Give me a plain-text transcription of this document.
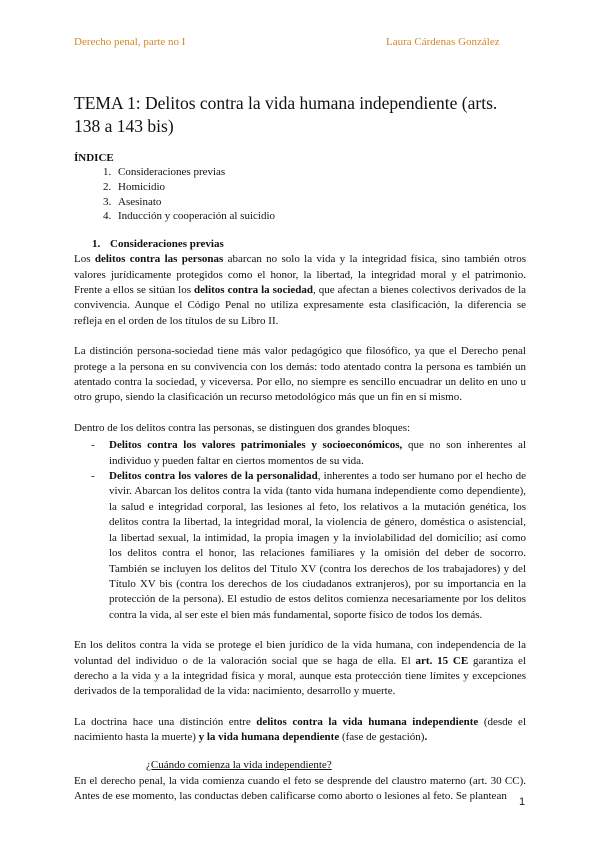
Derecho penal, parte no I	Laura Cárdenas González
TEMA 1: Delitos contra la vida humana independiente (arts. 138 a 143 bis)
ÍNDICE
1. Consideraciones previas
2. Homicidio
3. Asesinato
4. Inducción y cooperación al suicidio
1. Consideraciones previas

Los delitos contra las personas abarcan no solo la vida y la integridad física, sino también otros valores jurídicamente protegidos como el honor, la libertad, la integridad moral y el patrimonio. Frente a ellos se sitúan los delitos contra la sociedad, que afectan a bienes colectivos derivados de la convivencia. Aunque el Código Penal no utiliza expresamente esta clasificación, la diferencia se refleja en el orden de los títulos de su Libro II.

La distinción persona-sociedad tiene más valor pedagógico que filosófico, ya que el Derecho penal protege a la persona en su convivencia con los demás: todo atentado contra la persona es también un atentado contra la sociedad, y viceversa. Por ello, no siempre es sencillo encuadrar un delito en uno u otro grupo, siendo la clasificación un recurso metodológico más que un fin en sí mismo.

Dentro de los delitos contra las personas, se distinguen dos grandes bloques:

- Delitos contra los valores patrimoniales y socioeconómicos, que no son inherentes al individuo y pueden faltar en ciertos momentos de su vida.
- Delitos contra los valores de la personalidad, inherentes a todo ser humano por el hecho de vivir. Abarcan los delitos contra la vida (tanto vida humana independiente como dependiente), la salud e integridad corporal, las lesiones al feto, los relativos a la mutación genética, los delitos contra la libertad, la integridad moral, la violencia de género, doméstica o asistencial, la libertad sexual, la intimidad, la propia imagen y la inviolabilidad del domicilio; así como los delitos contra el honor, las relaciones familiares y la omisión del deber de socorro. También se incluyen los delitos del Título XV (contra los derechos de los trabajadores) y del Título XV bis (contra los derechos de los ciudadanos extranjeros), por su importancia en la protección de la persona). El estudio de estos delitos comienza necesariamente por los delitos contra la vida, al ser este el bien más fundamental, soporte físico de todos los demás.

En los delitos contra la vida se protege el bien jurídico de la vida humana, con independencia de la voluntad del individuo o de la valoración social que se haga de ella. El art. 15 CE garantiza el derecho a la vida y a la integridad física y moral, aunque esta protección tiene límites y excepciones derivados de la temporalidad de la vida: nacimiento, desarrollo y muerte.

La doctrina hace una distinción entre delitos contra la vida humana independiente (desde el nacimiento hasta la muerte) y la vida humana dependiente (fase de gestación).

¿Cuándo comienza la vida independiente?

En el derecho penal, la vida comienza cuando el feto se desprende del claustro materno (art. 30 CC). Antes de ese momento, las conductas deben calificarse como aborto o lesiones al feto. Se plantean

1
